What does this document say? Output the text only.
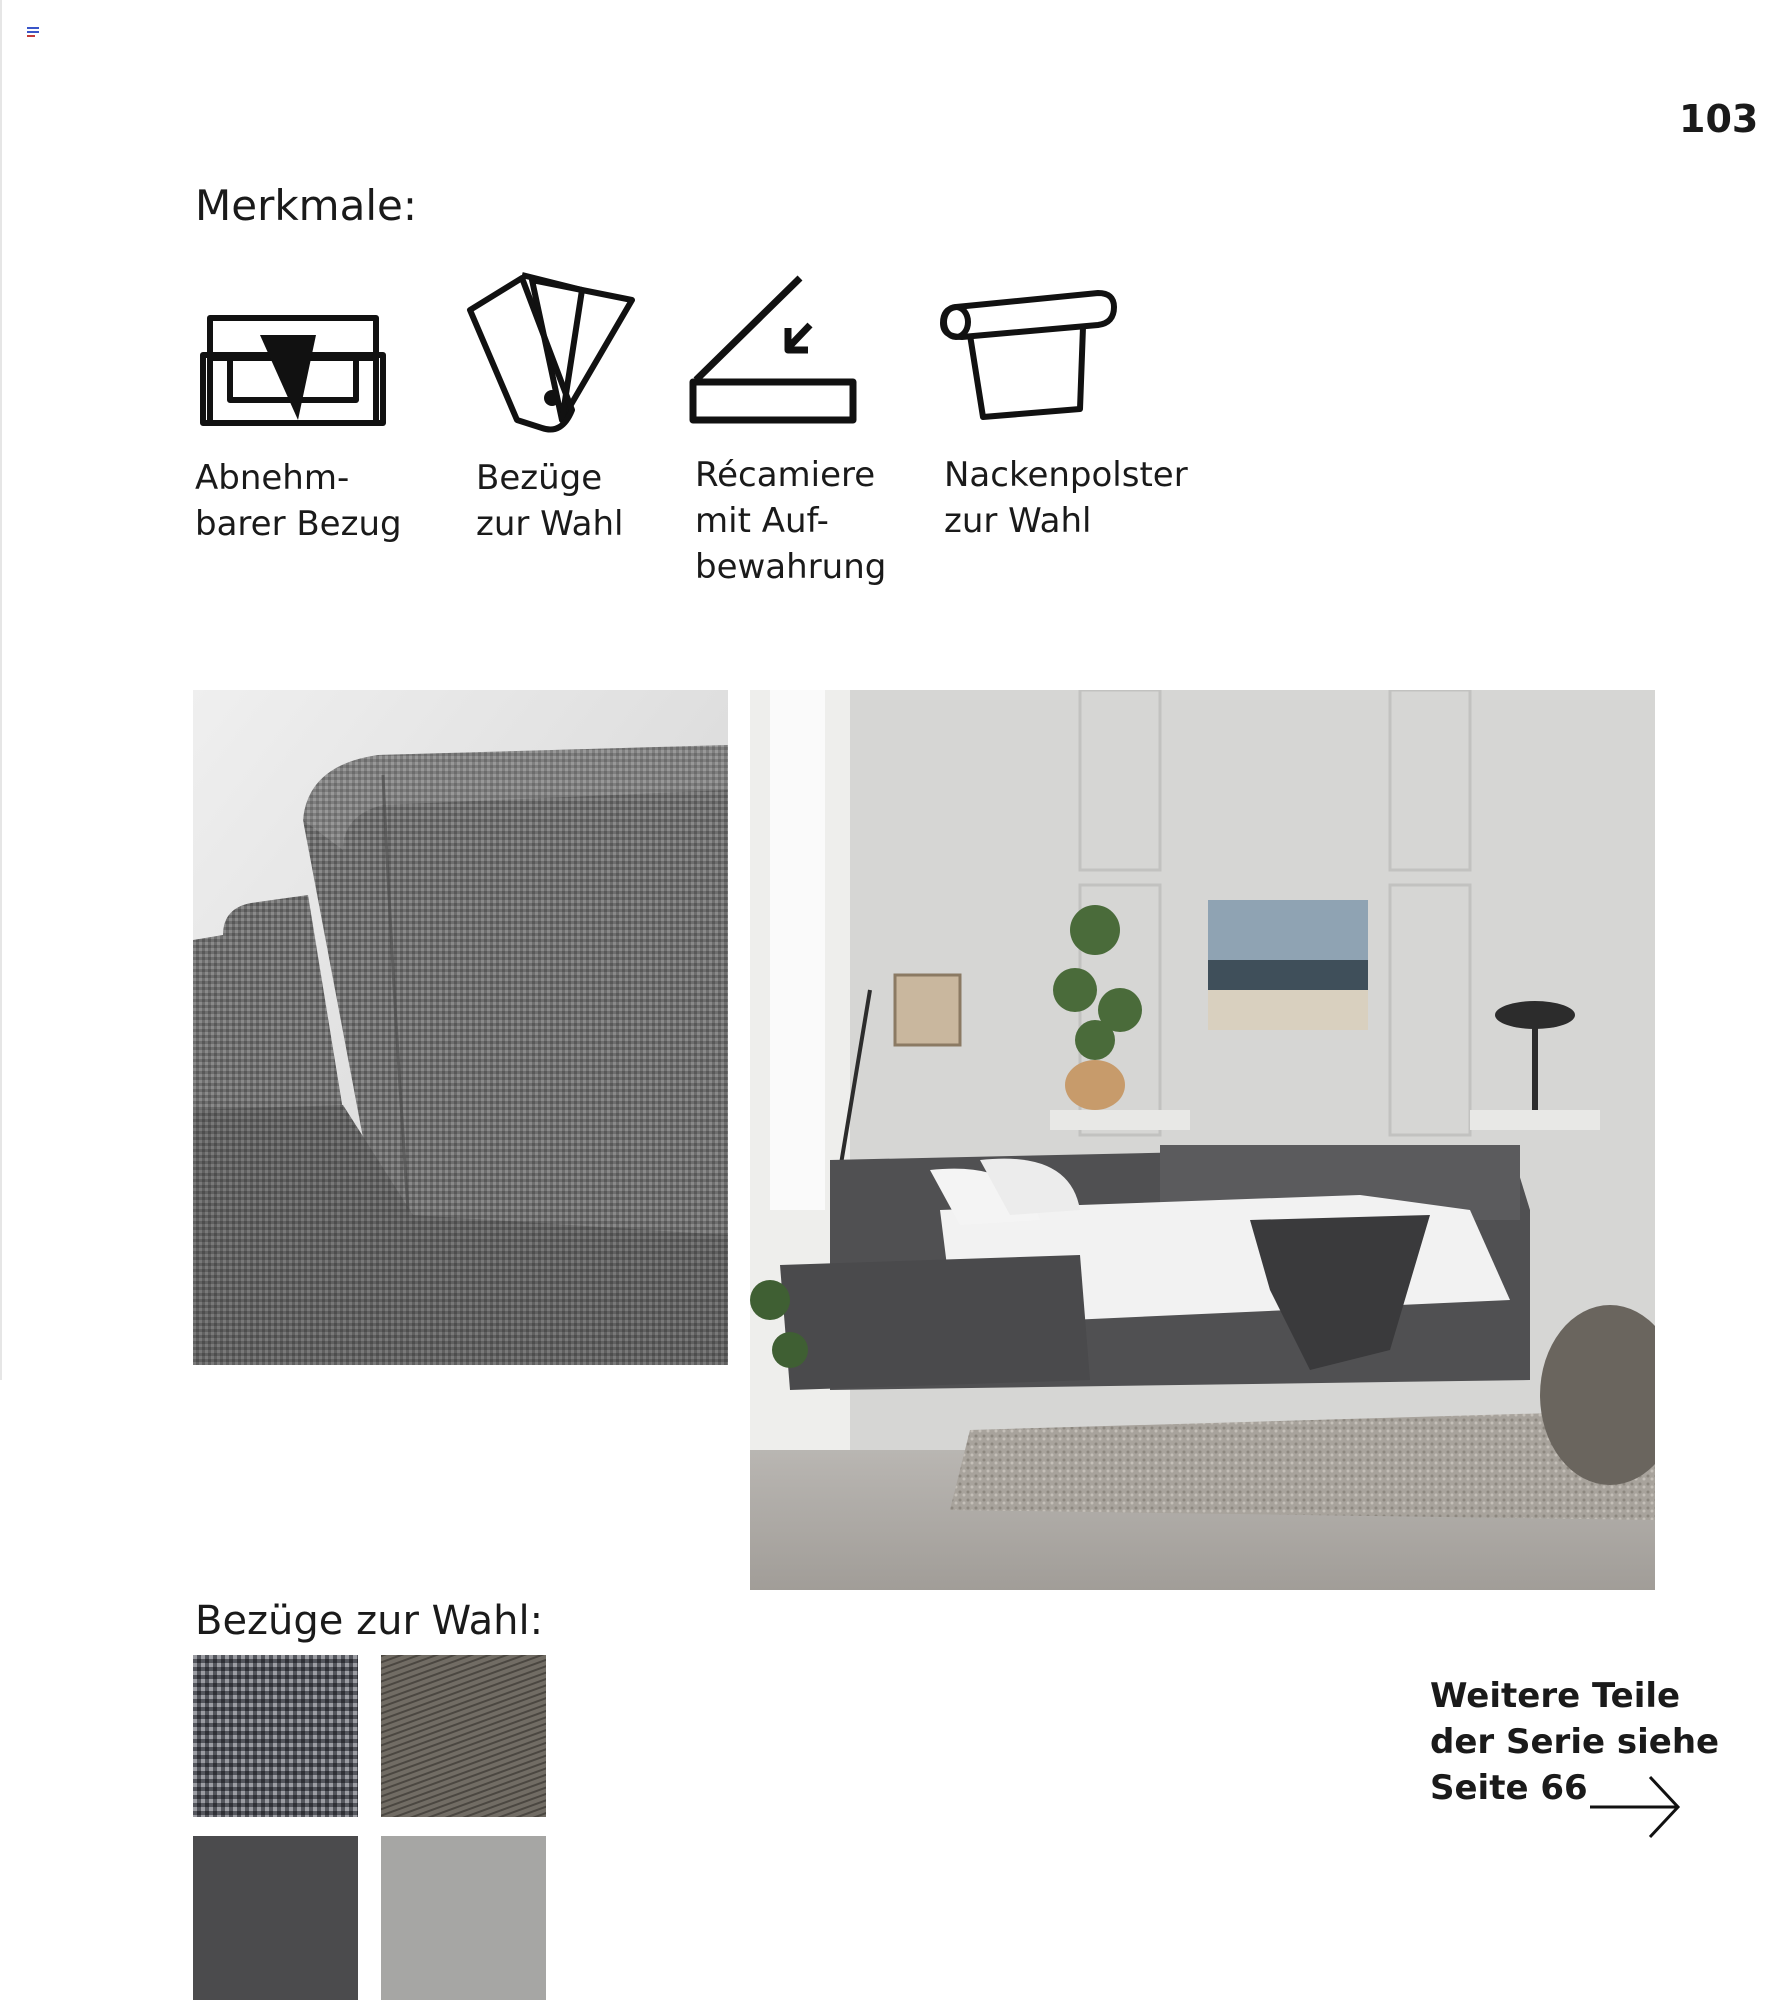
103
Merkmale:
Abnehm-
barer Bezug
Bezüge
zur Wahl
Récamiere
mit Auf-
bewahrung
Nackenpolster
zur Wahl
Bezüge zur Wahl:
Weitere Teile
der Serie siehe
Seite 66
